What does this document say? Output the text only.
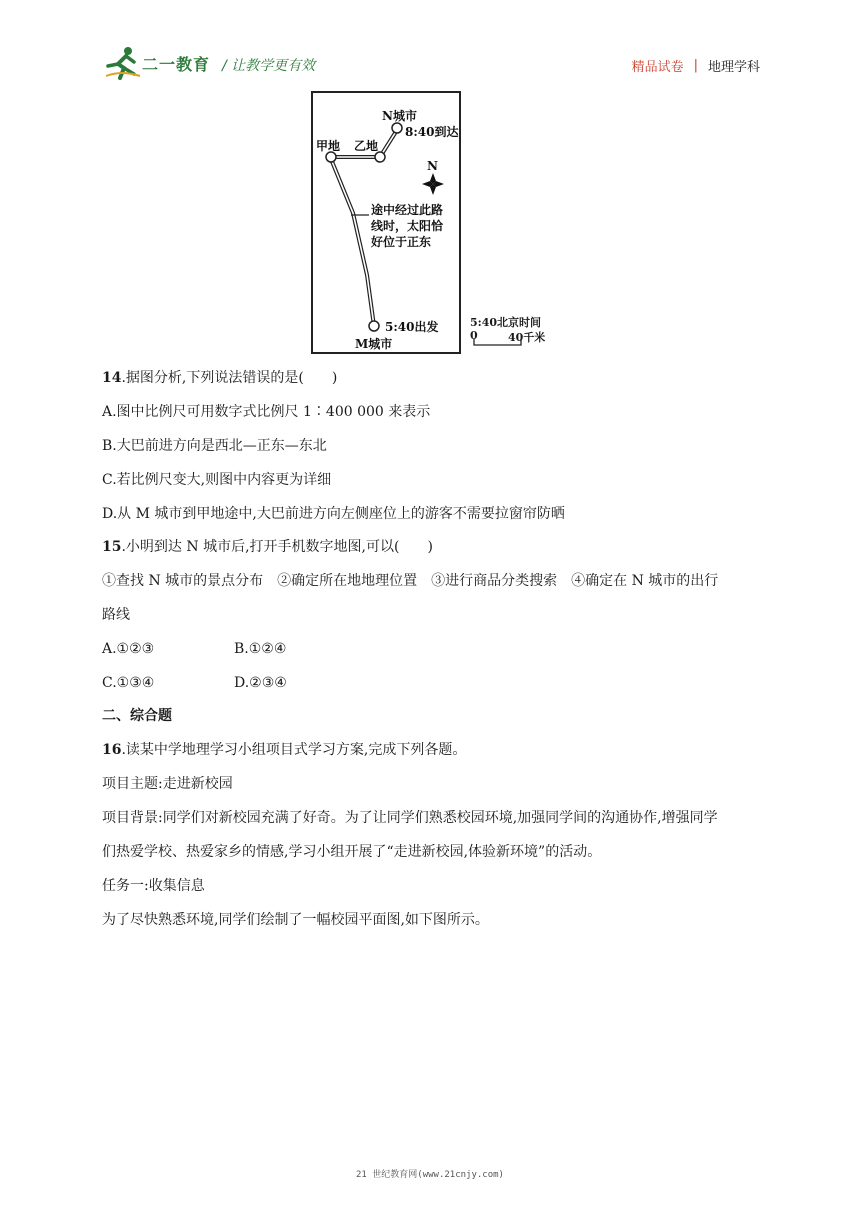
二一教育 / 让教学更有效	精品试卷 | 地理学科
N城市
8:40到达
甲地 乙地
N
途中经过此路
线时，太阳恰
好位于正东
5:40出发
M城市
5:40北京时间
0	40千米
14.据图分析,下列说法错误的是(　　)
A.图中比例尺可用数字式比例尺 1∶400 000 来表示
B.大巴前进方向是西北—正东—东北
C.若比例尺变大,则图中内容更为详细
D.从 M 城市到甲地途中,大巴前进方向左侧座位上的游客不需要拉窗帘防晒
15.小明到达 N 城市后,打开手机数字地图,可以(　　)
①查找 N 城市的景点分布　②确定所在地地理位置　③进行商品分类搜索　④确定在 N 城市的出行
路线
A.①②③	B.①②④
C.①③④	D.②③④
二、综合题
16.读某中学地理学习小组项目式学习方案,完成下列各题。
项目主题:走进新校园
项目背景:同学们对新校园充满了好奇。为了让同学们熟悉校园环境,加强同学间的沟通协作,增强同学
们热爱学校、热爱家乡的情感,学习小组开展了“走进新校园,体验新环境”的活动。
任务一:收集信息
为了尽快熟悉环境,同学们绘制了一幅校园平面图,如下图所示。
21 世纪教育网(www.21cnjy.com)
